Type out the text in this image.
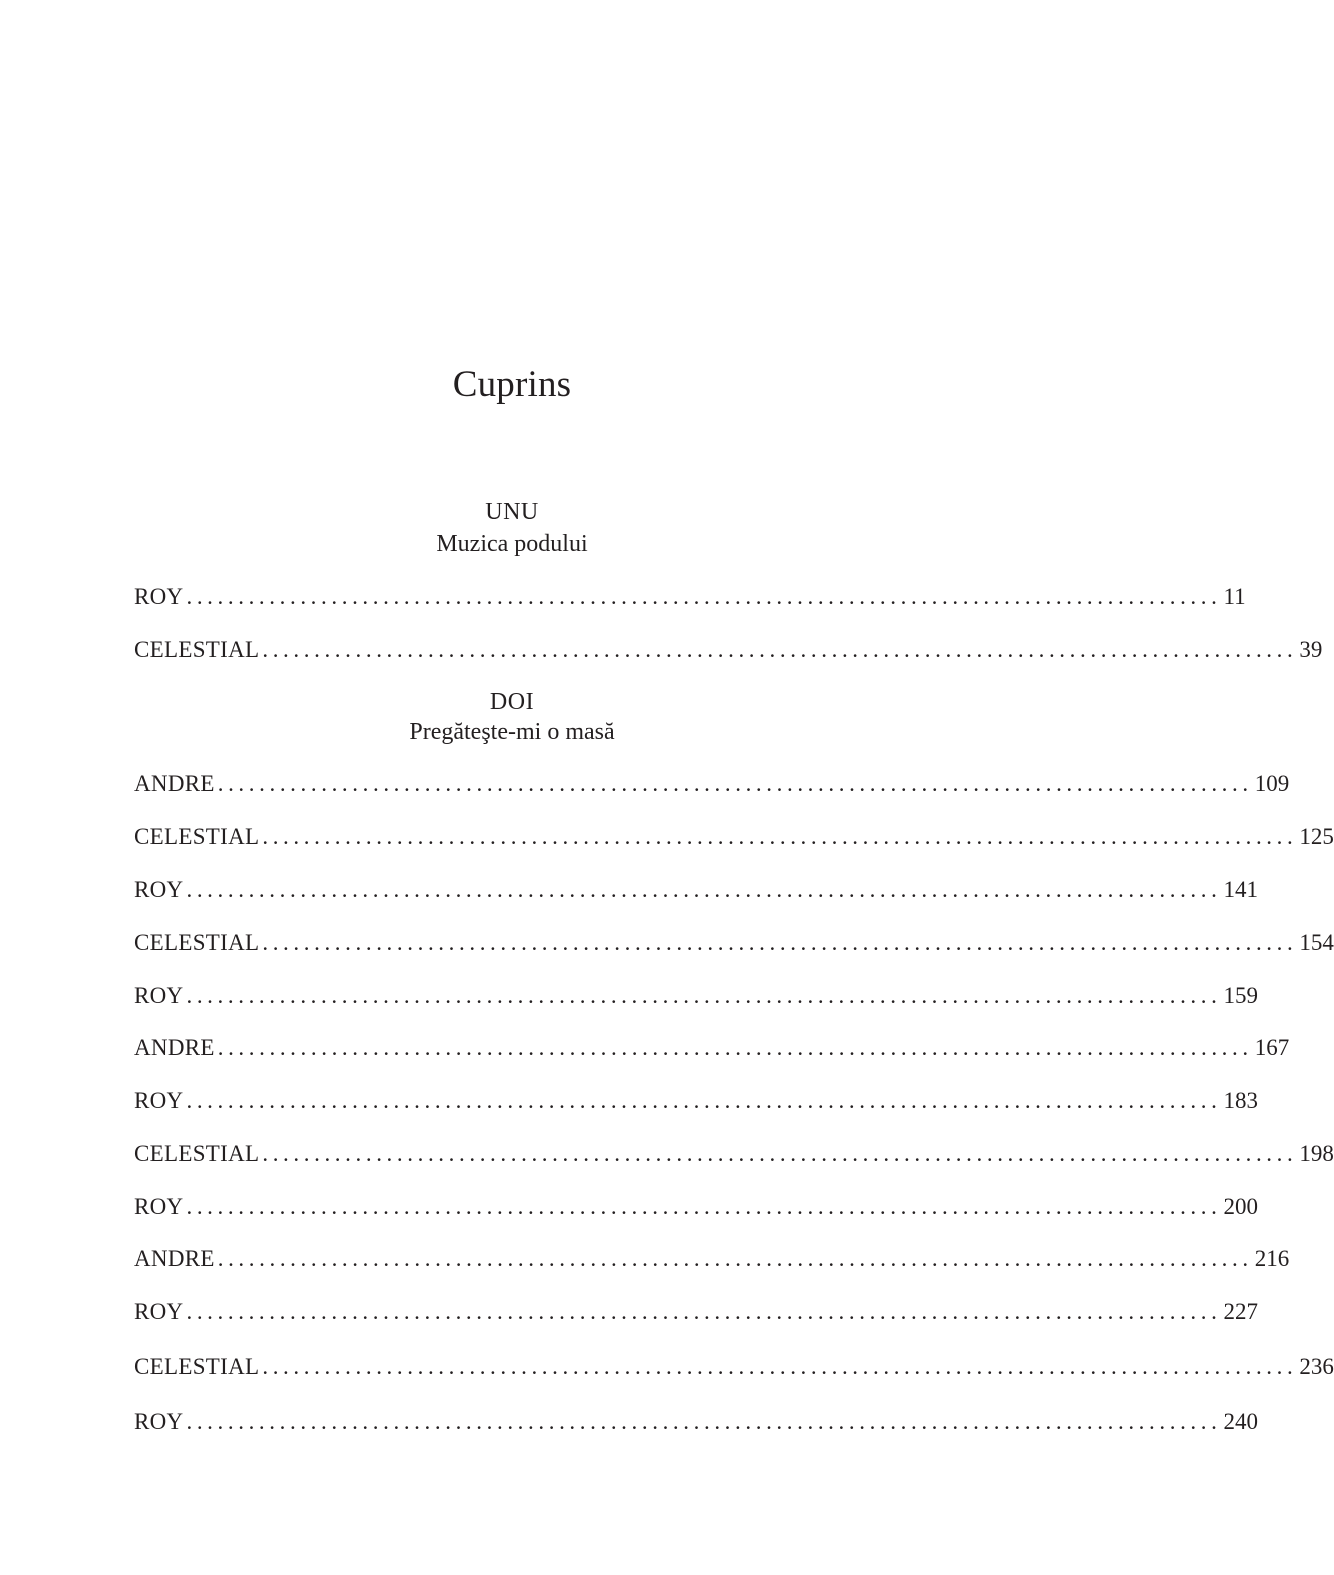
Cuprins
UNU
Muzica podului
ROY .................................................................................................... 11
CELESTIAL .................................................................................................... 39
DOI
Pregăteşte-mi o masă
ANDRE .................................................................................................... 109
CELESTIAL .................................................................................................... 125
ROY .................................................................................................... 141
CELESTIAL .................................................................................................... 154
ROY .................................................................................................... 159
ANDRE .................................................................................................... 167
ROY .................................................................................................... 183
CELESTIAL .................................................................................................... 198
ROY .................................................................................................... 200
ANDRE .................................................................................................... 216
ROY .................................................................................................... 227
CELESTIAL .................................................................................................... 236
ROY .................................................................................................... 240
